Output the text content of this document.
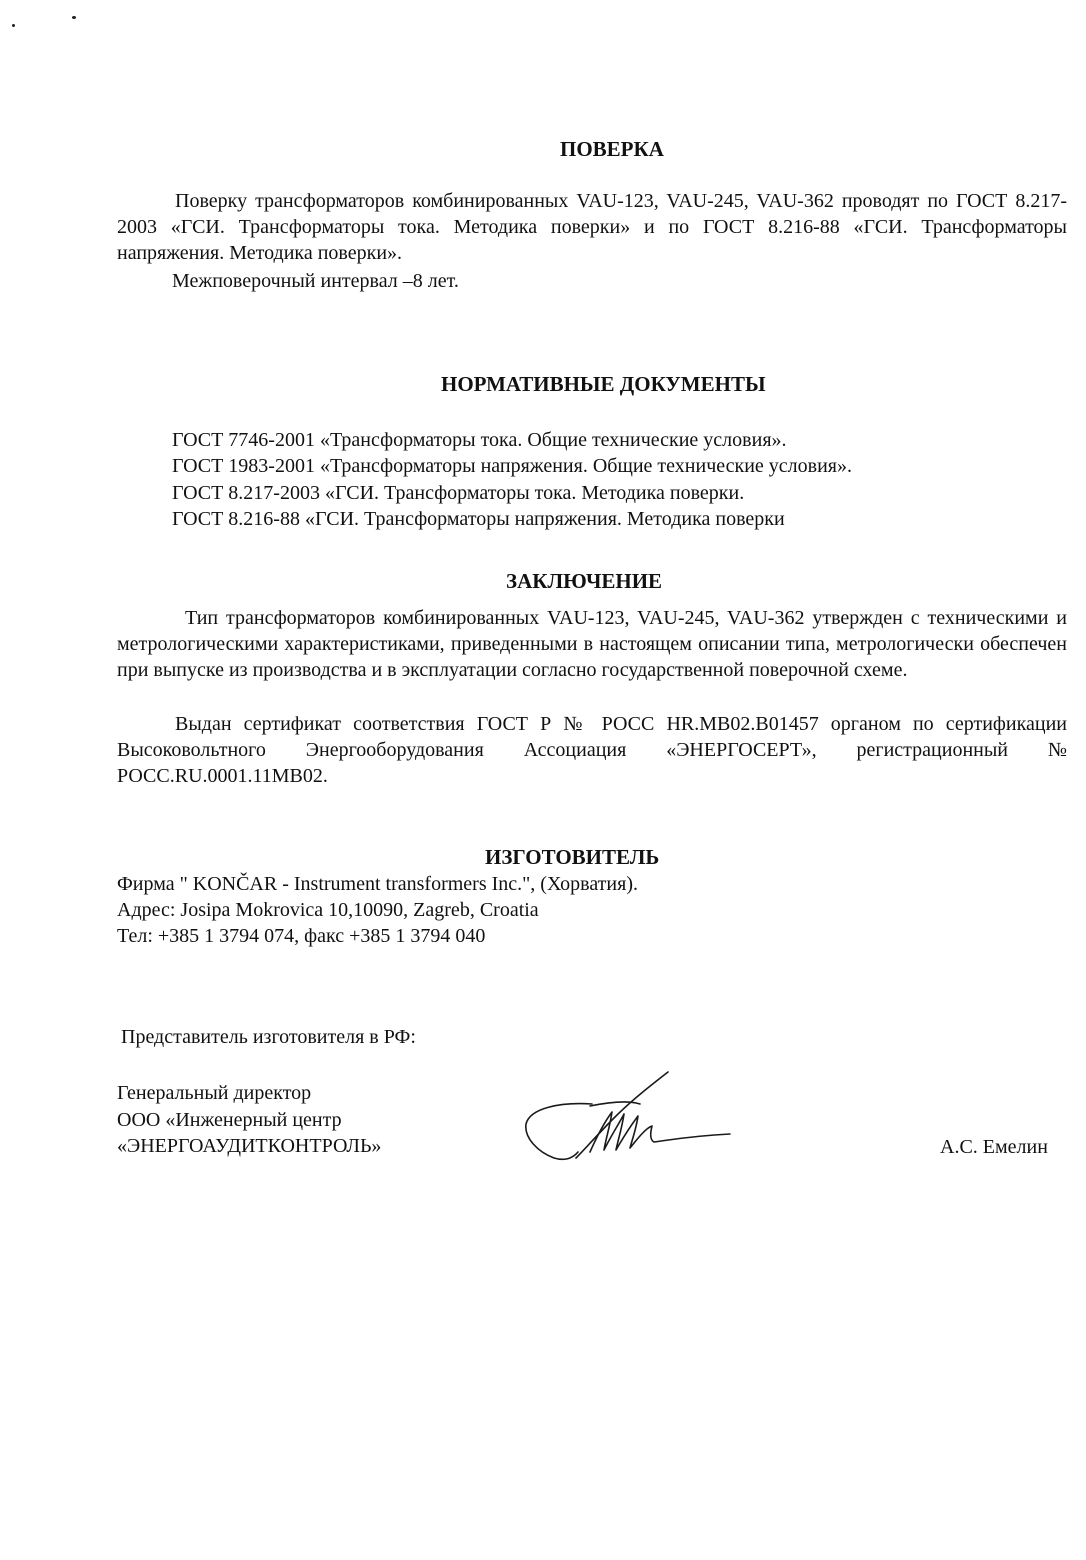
ПОВЕРКА

Поверку трансформаторов комбинированных VAU-123, VAU-245, VAU-362 проводят по ГОСТ 8.217-2003 «ГСИ. Трансформаторы тока. Методика поверки» и по ГОСТ 8.216-88 «ГСИ. Трансформаторы напряжения. Методика поверки».

Межповерочный интервал –8 лет.

НОРМАТИВНЫЕ ДОКУМЕНТЫ

ГОСТ 7746-2001 «Трансформаторы тока. Общие технические условия».

ГОСТ 1983-2001 «Трансформаторы напряжения. Общие технические условия».

ГОСТ 8.217-2003 «ГСИ. Трансформаторы тока. Методика поверки.

ГОСТ 8.216-88 «ГСИ. Трансформаторы напряжения. Методика поверки

ЗАКЛЮЧЕНИЕ

Тип трансформаторов комбинированных VAU-123, VAU-245, VAU-362 утвержден с техническими и метрологическими характеристиками, приведенными в настоящем описании типа, метрологически обеспечен при выпуске из производства и в эксплуатации согласно государственной поверочной схеме.

Выдан сертификат соответствия ГОСТ Р № РОСС HR.MB02.B01457 органом по сертификации Высоковольтного Энергооборудования Ассоциация «ЭНЕРГОСЕРТ», регистрационный № РОСС.RU.0001.11MB02.

ИЗГОТОВИТЕЛЬ

Фирма " KONČAR - Instrument transformers Inc.", (Хорватия).

Адрес: Josipa Mokrovica 10,10090, Zagreb, Croatia

Тел: +385 1 3794 074, факс +385 1 3794 040

Представитель изготовителя в РФ:

Генеральный директор

ООО «Инженерный центр

«ЭНЕРГОАУДИТКОНТРОЛЬ»	А.С. Емелин
